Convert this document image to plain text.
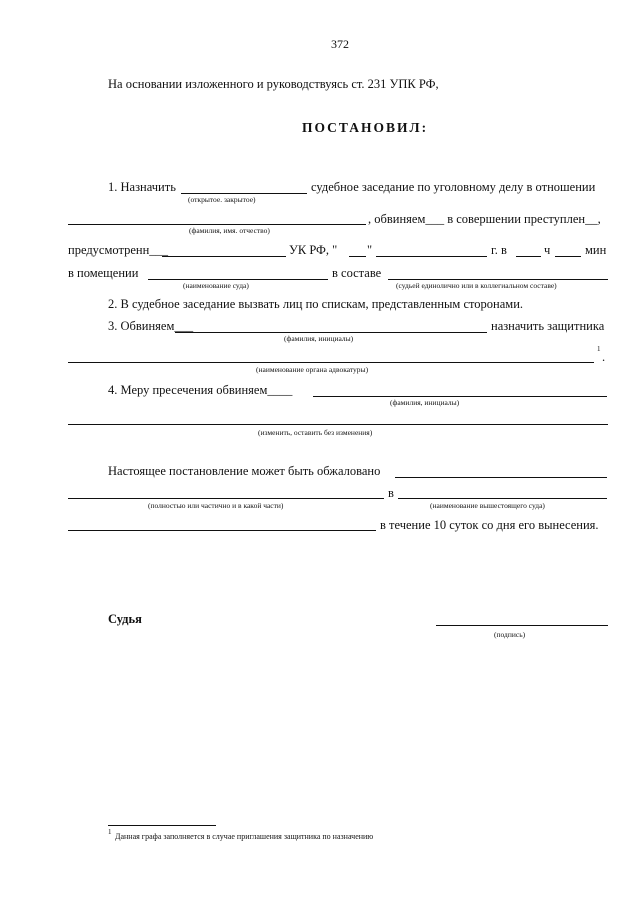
372
На основании изложенного и руководствуясь ст. 231 УПК РФ,
ПОСТАНОВИЛ:
1. Назначить	судебное заседание по уголовному делу в отношении
(открытое. закрытое)
, обвиняем___ в совершении преступлен__,
(фамилия, имя. отчество)
предусмотренн___	УК РФ, " "	г. в	ч	мин
в помещении	в составе
(наименование суда)	(судьей единолично или в коллегиальном составе)
2. В судебное заседание вызвать лиц по спискам, представленным сторонами.
3. Обвиняем___	назначить защитника
(фамилия, инициалы)
1
.
(наименование органа адвокатуры)
4. Меру пресечения обвиняем____
(фамилия, инициалы)
(изменить, оставить без изменения)
Настоящее постановление может быть обжаловано
в
(полностью или частично и в какой части)	(наименование вышестоящего суда)
в течение 10 суток со дня его вынесения.
Судья
(подпись)
1 Данная графа заполняется в случае приглашения защитника по назначению
